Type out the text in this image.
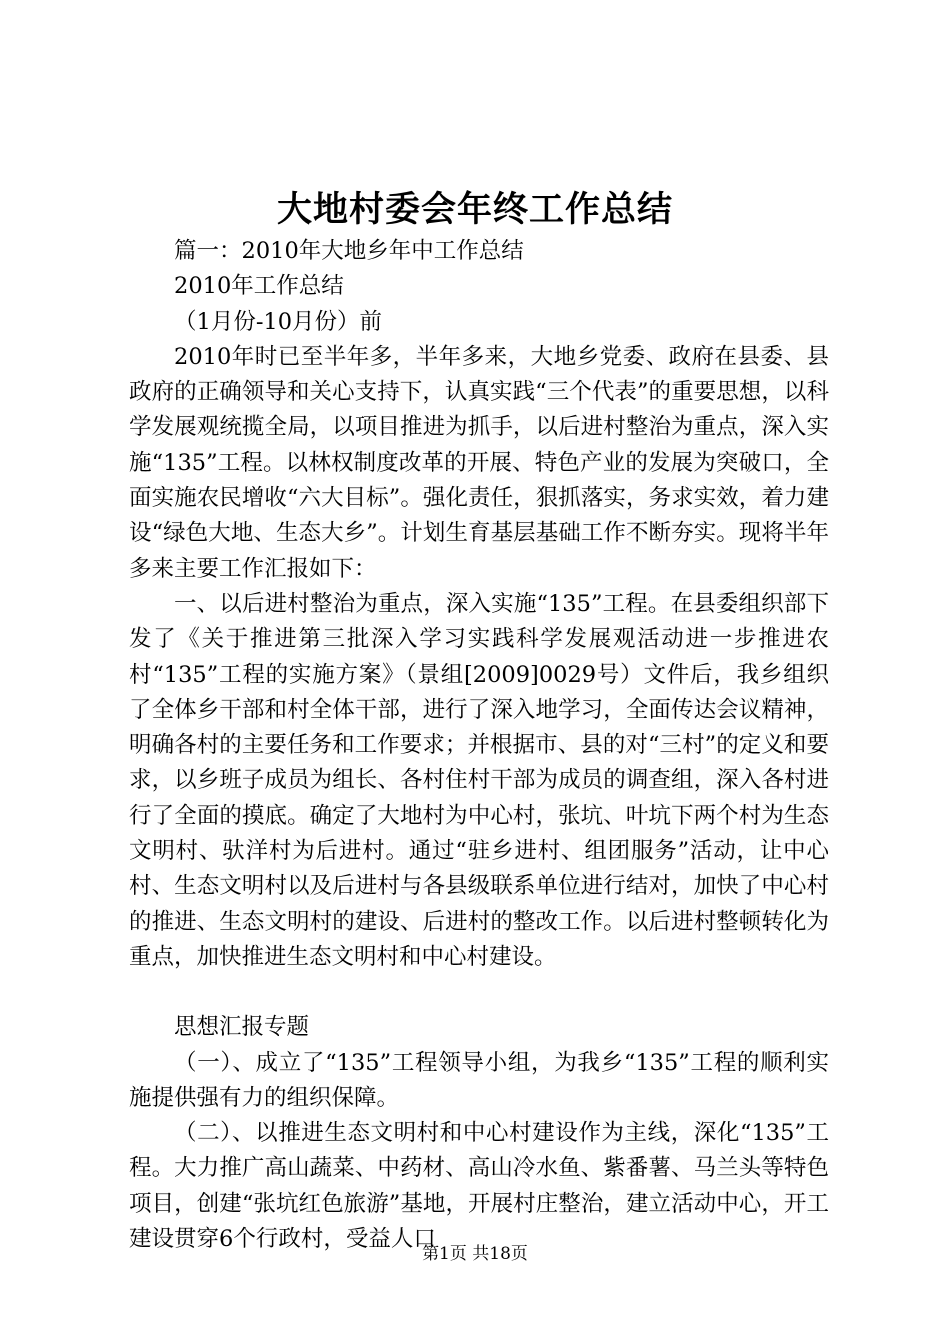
大地村委会年终工作总结

篇一：2010年大地乡年中工作总结

2010年工作总结

（1月份-10月份）前

2010年时已至半年多，半年多来，大地乡党委、政府在县委、县政府的正确领导和关心支持下，认真实践“三个代表”的重要思想，以科学发展观统揽全局，以项目推进为抓手，以后进村整治为重点，深入实施“135”工程。以林权制度改革的开展、特色产业的发展为突破口，全面实施农民增收“六大目标”。强化责任，狠抓落实，务求实效，着力建设“绿色大地、生态大乡”。计划生育基层基础工作不断夯实。现将半年多来主要工作汇报如下：

一、以后进村整治为重点，深入实施“135”工程。在县委组织部下发了《关于推进第三批深入学习实践科学发展观活动进一步推进农村“135”工程的实施方案》（景组[2009]0029号）文件后，我乡组织了全体乡干部和村全体干部，进行了深入地学习，全面传达会议精神，明确各村的主要任务和工作要求；并根据市、县的对“三村”的定义和要求，以乡班子成员为组长、各村住村干部为成员的调查组，深入各村进行了全面的摸底。确定了大地村为中心村，张坑、叶坑下两个村为生态文明村、驮洋村为后进村。通过“驻乡进村、组团服务”活动，让中心村、生态文明村以及后进村与各县级联系单位进行结对，加快了中心村的推进、生态文明村的建设、后进村的整改工作。以后进村整顿转化为重点，加快推进生态文明村和中心村建设。

思想汇报专题

（一）、成立了“135”工程领导小组，为我乡“135”工程的顺利实施提供强有力的组织保障。

（二）、以推进生态文明村和中心村建设作为主线，深化“135”工程。大力推广高山蔬菜、中药材、高山冷水鱼、紫番薯、马兰头等特色项目，创建“张坑红色旅游”基地，开展村庄整治，建立活动中心，开工建设贯穿6个行政村，受益人口

第1页 共18页
